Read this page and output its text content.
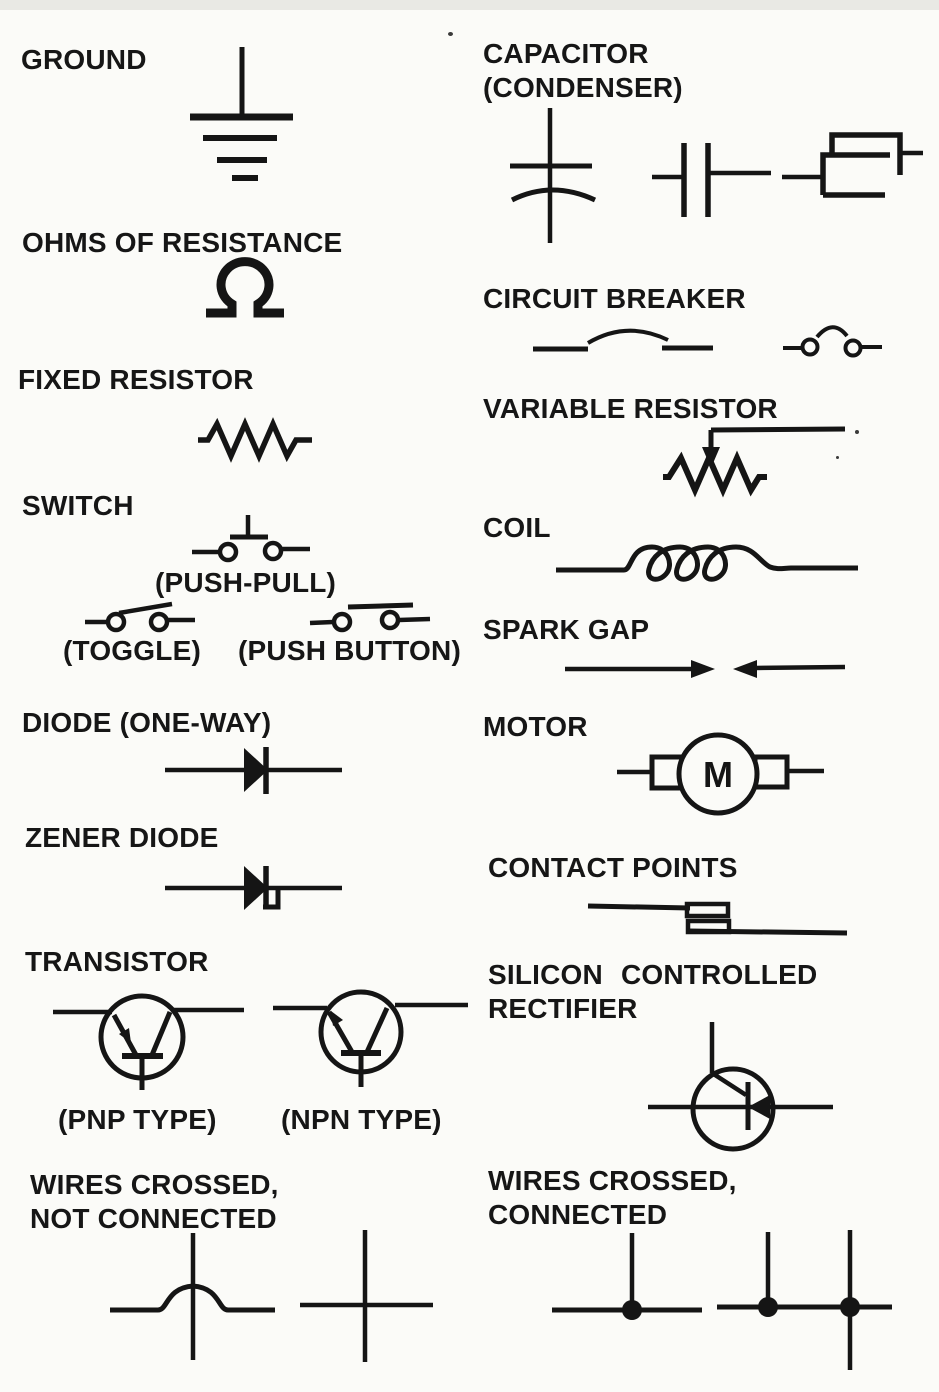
GROUND
OHMS OF RESISTANCE
FIXED RESISTOR
SWITCH
(PUSH-PULL)
(TOGGLE) (PUSH BUTTON)
DIODE (ONE-WAY)
ZENER DIODE
TRANSISTOR
(PNP TYPE) (NPN TYPE)
WIRES CROSSED,
NOT CONNECTED
CAPACITOR
(CONDENSER)
CIRCUIT BREAKER
VARIABLE RESISTOR
COIL
SPARK GAP
MOTOR
M
CONTACT POINTS
SILICON CONTROLLED
RECTIFIER
WIRES CROSSED,
CONNECTED
